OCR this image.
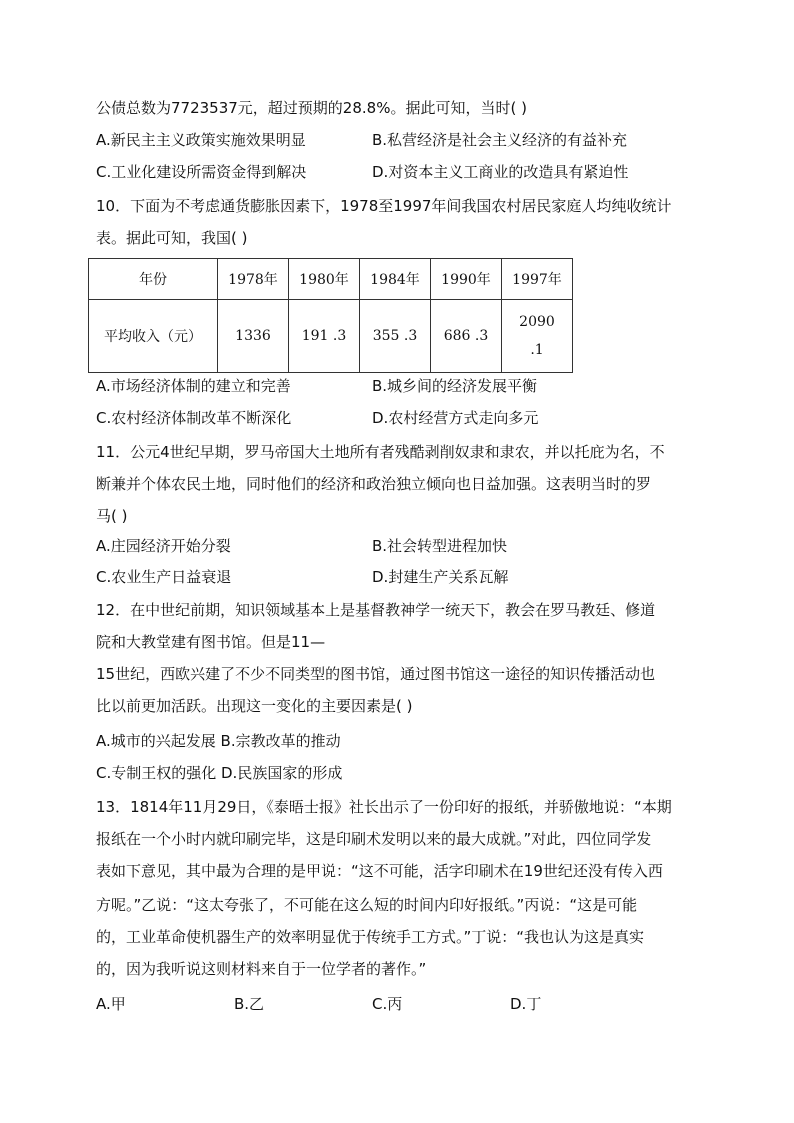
公债总数为7723537元，超过预期的28.8%。据此可知，当时( )
A.新民主主义政策实施效果明显	B.私营经济是社会主义经济的有益补充
C.工业化建设所需资金得到解决	D.对资本主义工商业的改造具有紧迫性
10．下面为不考虑通货膨胀因素下，1978至1997年间我国农村居民家庭人均纯收统计
表。据此可知，我国( )
年份	1978年	1980年	1984年	1990年	1997年
平均收入（元）	1336	191 .3	355 .3	686 .3	2090
.1
A.市场经济体制的建立和完善	B.城乡间的经济发展平衡
C.农村经济体制改革不断深化	D.农村经营方式走向多元
11．公元4世纪早期，罗马帝国大土地所有者残酷剥削奴隶和隶农，并以托庇为名，不
断兼并个体农民土地，同时他们的经济和政治独立倾向也日益加强。这表明当时的罗
马( )
A.庄园经济开始分裂	B.社会转型进程加快
C.农业生产日益衰退	D.封建生产关系瓦解
12．在中世纪前期，知识领域基本上是基督教神学一统天下，教会在罗马教廷、修道
院和大教堂建有图书馆。但是11—
15世纪，西欧兴建了不少不同类型的图书馆，通过图书馆这一途径的知识传播活动也
比以前更加活跃。出现这一变化的主要因素是( )
A.城市的兴起发展 B.宗教改革的推动
C.专制王权的强化 D.民族国家的形成
13．1814年11月29日，《泰晤士报》社长出示了一份印好的报纸，并骄傲地说：“本期
报纸在一个小时内就印刷完毕，这是印刷术发明以来的最大成就。”对此，四位同学发
表如下意见，其中最为合理的是甲说：“这不可能，活字印刷术在19世纪还没有传入西
方呢。”乙说：“这太夸张了，不可能在这么短的时间内印好报纸。”丙说：“这是可能
的，工业革命使机器生产的效率明显优于传统手工方式。”丁说：“我也认为这是真实
的，因为我听说这则材料来自于一位学者的著作。”
A.甲	B.乙	C.丙	D.丁
